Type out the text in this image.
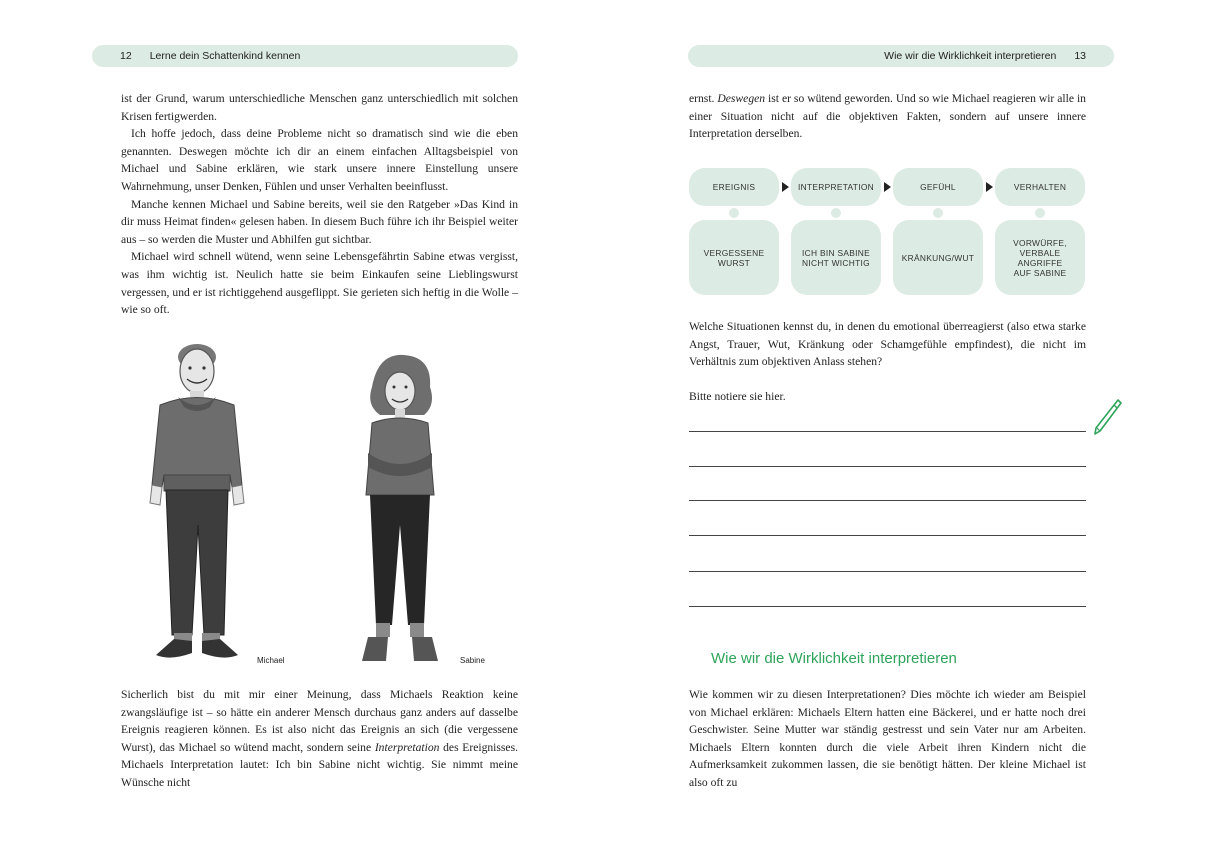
12 Lerne dein Schattenkind kennen

ist der Grund, warum unterschiedliche Menschen ganz unterschiedlich mit solchen Krisen fertigwerden.

Ich hoffe jedoch, dass deine Probleme nicht so dramatisch sind wie die eben genannten. Deswegen möchte ich dir an einem einfachen Alltagsbeispiel von Michael und Sabine erklären, wie stark unsere innere Einstellung unsere Wahrnehmung, unser Denken, Fühlen und unser Verhalten beeinflusst.

Manche kennen Michael und Sabine bereits, weil sie den Ratgeber »Das Kind in dir muss Heimat finden« gelesen haben. In diesem Buch führe ich ihr Beispiel weiter aus – so werden die Muster und Abhilfen gut sichtbar.

Michael wird schnell wütend, wenn seine Lebensgefährtin Sabine etwas vergisst, was ihm wichtig ist. Neulich hatte sie beim Einkaufen seine Lieblingswurst vergessen, und er ist richtiggehend ausgeflippt. Sie gerieten sich heftig in die Wolle – wie so oft.

Michael	Sabine

Sicherlich bist du mit mir einer Meinung, dass Michaels Reaktion keine zwangsläufige ist – so hätte ein anderer Mensch durchaus ganz anders auf dasselbe Ereignis reagieren können. Es ist also nicht das Ereignis an sich (die vergessene Wurst), das Michael so wütend macht, sondern seine Interpretation des Ereignisses. Michaels Interpretation lautet: Ich bin Sabine nicht wichtig. Sie nimmt meine Wünsche nicht

Wie wir die Wirklichkeit interpretieren 13

ernst. Deswegen ist er so wütend geworden. Und so wie Michael reagieren wir alle in einer Situation nicht auf die objektiven Fakten, sondern auf unsere innere Interpretation derselben.

EREIGNIS	INTERPRETATION	GEFÜHL	VERHALTEN
VERGESSENE
WURST
ICH BIN SABINE
NICHT WICHTIG	KRÄNKUNG/WUT
VORWÜRFE,
VERBALE ANGRIFFE
AUF SABINE

Welche Situationen kennst du, in denen du emotional überreagierst (also etwa starke Angst, Trauer, Wut, Kränkung oder Schamgefühle empfindest), die nicht im Verhältnis zum objektiven Anlass stehen?

Bitte notiere sie hier.

Wie wir die Wirklichkeit interpretieren

Wie kommen wir zu diesen Interpretationen? Dies möchte ich wieder am Beispiel von Michael erklären: Michaels Eltern hatten eine Bäckerei, und er hatte noch drei Geschwister. Seine Mutter war ständig gestresst und sein Vater nur am Arbeiten. Michaels Eltern konnten durch die viele Arbeit ihren Kindern nicht die Aufmerksamkeit zukommen lassen, die sie benötigt hätten. Der kleine Michael ist also oft zu
